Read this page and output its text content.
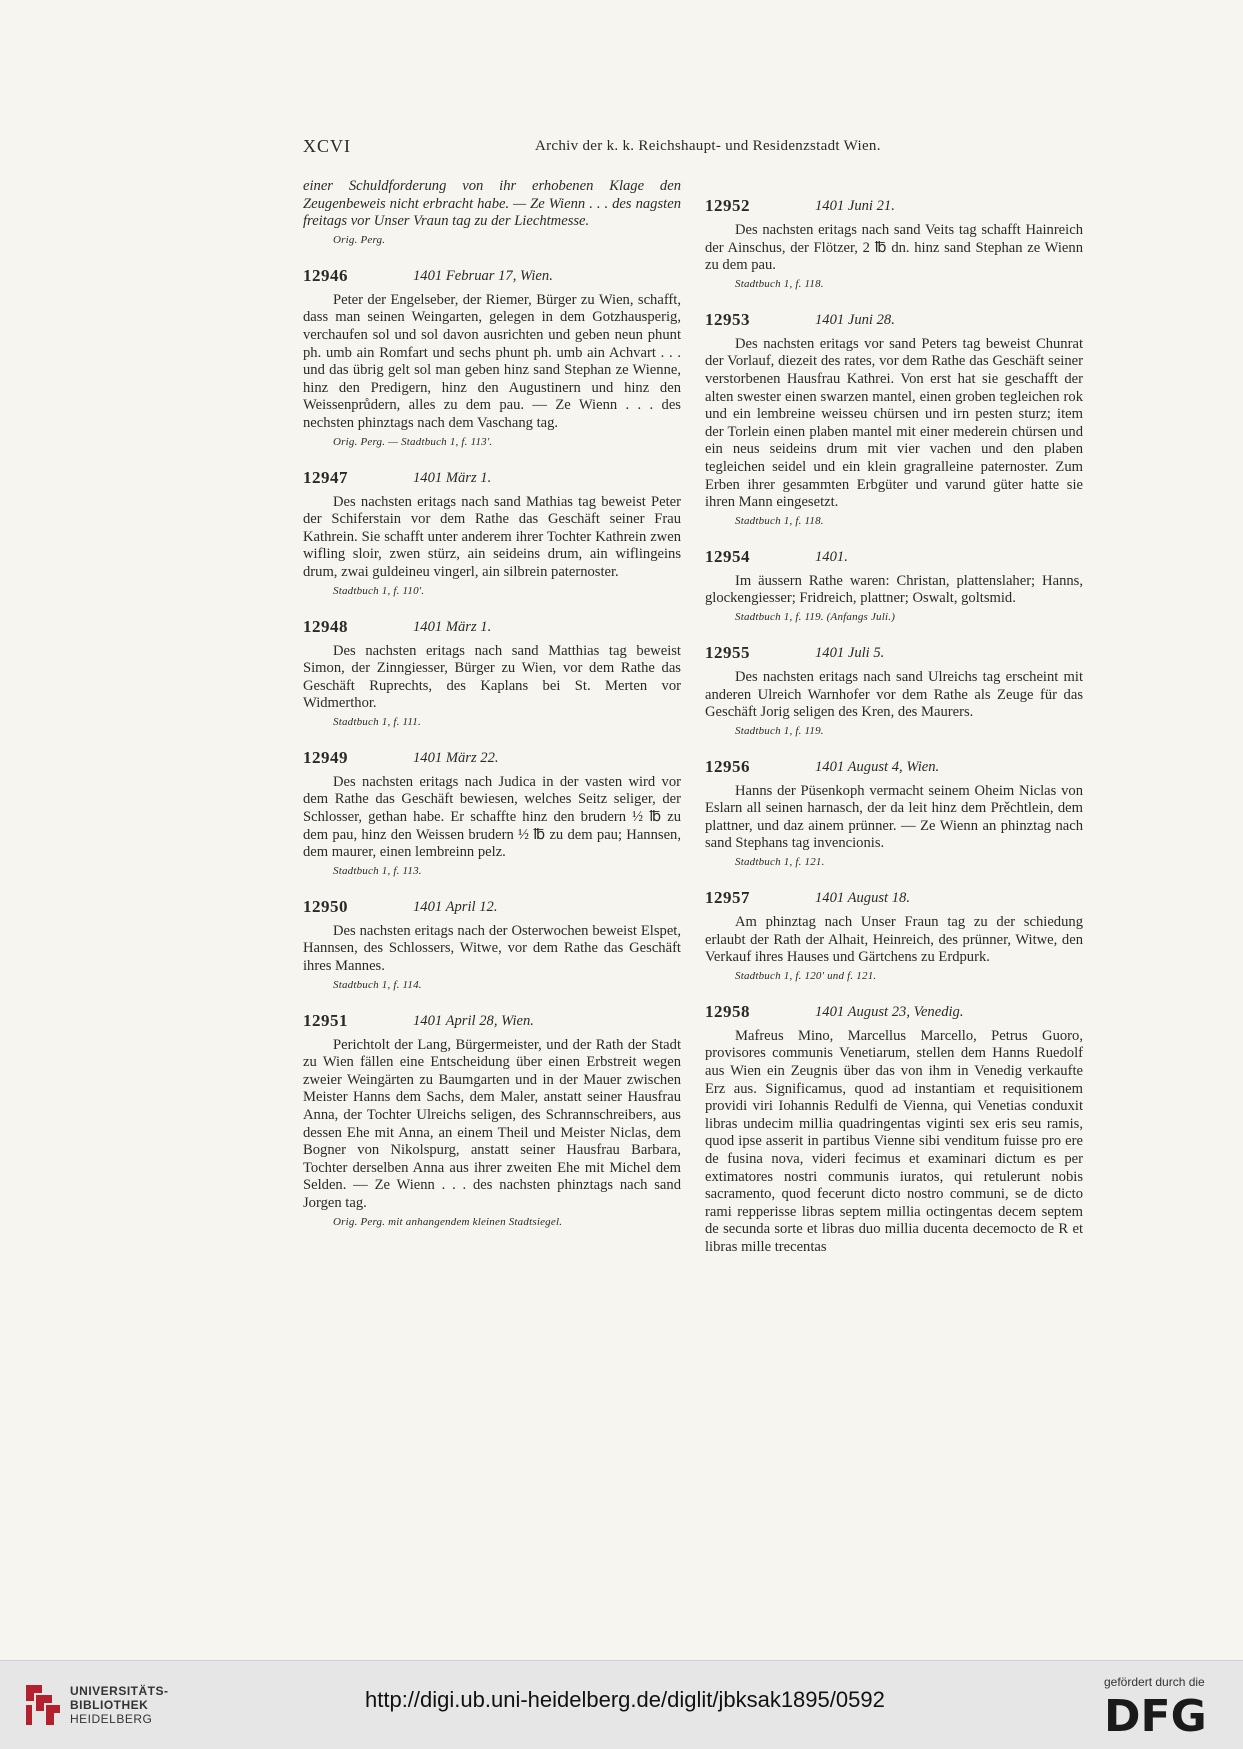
XCVI	Archiv der k. k. Reichshaupt- und Residenzstadt Wien.

einer Schuldforderung von ihr erhobenen Klage den Zeugenbeweis nicht erbracht habe. — Ze Wienn . . . des nagsten freitags vor Unser Vraun tag zu der Liechtmesse.

Orig. Perg.
12946	1401 Februar 17, Wien.

Peter der Engelseber, der Riemer, Bürger zu Wien, schafft, dass man seinen Weingarten, gelegen in dem Gotzhausperig, verchaufen sol und sol davon ausrichten und geben neun phunt ph. umb ain Romfart und sechs phunt ph. umb ain Achvart . . . und das übrig gelt sol man geben hinz sand Stephan ze Wienne, hinz den Predigern, hinz den Augustinern und hinz den Weissenprůdern, alles zu dem pau. — Ze Wienn . . . des nechsten phinztags nach dem Vaschang tag.

Orig. Perg. — Stadtbuch 1, f. 113'.
12947	1401 März 1.

Des nachsten eritags nach sand Mathias tag beweist Peter der Schiferstain vor dem Rathe das Geschäft seiner Frau Kathrein. Sie schafft unter anderem ihrer Tochter Kathrein zwen wifling sloir, zwen stürz, ain seideins drum, ain wiflingeins drum, zwai guldeineu vingerl, ain silbrein paternoster.

Stadtbuch 1, f. 110'.
12948	1401 März 1.

Des nachsten eritags nach sand Matthias tag beweist Simon, der Zinngiesser, Bürger zu Wien, vor dem Rathe das Geschäft Ruprechts, des Kaplans bei St. Merten vor Widmerthor.

Stadtbuch 1, f. 111.
12949	1401 März 22.

Des nachsten eritags nach Judica in der vasten wird vor dem Rathe das Geschäft bewiesen, welches Seitz seliger, der Schlosser, gethan habe. Er schaffte hinz den brudern ½ ℔ zu dem pau, hinz den Weissen brudern ½ ℔ zu dem pau; Hannsen, dem maurer, einen lembreinn pelz.

Stadtbuch 1, f. 113.
12950	1401 April 12.

Des nachsten eritags nach der Osterwochen beweist Elspet, Hannsen, des Schlossers, Witwe, vor dem Rathe das Geschäft ihres Mannes.

Stadtbuch 1, f. 114.
12951	1401 April 28, Wien.

Perichtolt der Lang, Bürgermeister, und der Rath der Stadt zu Wien fällen eine Entscheidung über einen Erbstreit wegen zweier Weingärten zu Baumgarten und in der Mauer zwischen Meister Hanns dem Sachs, dem Maler, anstatt seiner Hausfrau Anna, der Tochter Ulreichs seligen, des Schrannschreibers, aus dessen Ehe mit Anna, an einem Theil und Meister Niclas, dem Bogner von Nikolspurg, anstatt seiner Hausfrau Barbara, Tochter derselben Anna aus ihrer zweiten Ehe mit Michel dem Selden. — Ze Wienn . . . des nachsten phinztags nach sand Jorgen tag.

Orig. Perg. mit anhangendem kleinen Stadtsiegel.
12952	1401 Juni 21.

Des nachsten eritags nach sand Veits tag schafft Hainreich der Ainschus, der Flötzer, 2 ℔ dn. hinz sand Stephan ze Wienn zu dem pau.

Stadtbuch 1, f. 118.
12953	1401 Juni 28.

Des nachsten eritags vor sand Peters tag beweist Chunrat der Vorlauf, diezeit des rates, vor dem Rathe das Geschäft seiner verstorbenen Hausfrau Kathrei. Von erst hat sie geschafft der alten swester einen swarzen mantel, einen groben tegleichen rok und ein lembreine weisseu chürsen und irn pesten sturz; item der Torlein einen plaben mantel mit einer mederein chürsen und ein neus seideins drum mit vier vachen und den plaben tegleichen seidel und ein klein gragralleine paternoster. Zum Erben ihrer gesammten Erbgüter und varund güter hatte sie ihren Mann eingesetzt.

Stadtbuch 1, f. 118.
12954	1401.

Im äussern Rathe waren: Christan, plattenslaher; Hanns, glockengiesser; Fridreich, plattner; Oswalt, goltsmid.

Stadtbuch 1, f. 119. (Anfangs Juli.)
12955	1401 Juli 5.

Des nachsten eritags nach sand Ulreichs tag erscheint mit anderen Ulreich Warnhofer vor dem Rathe als Zeuge für das Geschäft Jorig seligen des Kren, des Maurers.

Stadtbuch 1, f. 119.
12956	1401 August 4, Wien.

Hanns der Püsenkoph vermacht seinem Oheim Niclas von Eslarn all seinen harnasch, der da leit hinz dem Prěchtlein, dem plattner, und daz ainem prünner. — Ze Wienn an phinztag nach sand Stephans tag invencionis.

Stadtbuch 1, f. 121.
12957	1401 August 18.

Am phinztag nach Unser Fraun tag zu der schiedung erlaubt der Rath der Alhait, Heinreich, des prünner, Witwe, den Verkauf ihres Hauses und Gärtchens zu Erdpurk.

Stadtbuch 1, f. 120' und f. 121.
12958	1401 August 23, Venedig.

Mafreus Mino, Marcellus Marcello, Petrus Guoro, provisores communis Venetiarum, stellen dem Hanns Ruedolf aus Wien ein Zeugnis über das von ihm in Venedig verkaufte Erz aus. Significamus, quod ad instantiam et requisitionem providi viri Iohannis Redulfi de Vienna, qui Venetias conduxit libras undecim millia quadringentas viginti sex eris seu ramis, quod ipse asserit in partibus Vienne sibi venditum fuisse pro ere de fusina nova, videri fecimus et examinari dictum es per extimatores nostri communis iuratos, qui retulerunt nobis sacramento, quod fecerunt dicto nostro communi, se de dicto rami repperisse libras septem millia octingentas decem septem de secunda sorte et libras duo millia ducenta decemocto de R et libras mille trecentas

UNIVERSITÄTS-
BIBLIOTHEK
HEIDELBERG
http://digi.ub.uni-heidelberg.de/diglit/jbksak1895/0592
gefördert durch die
DFG
